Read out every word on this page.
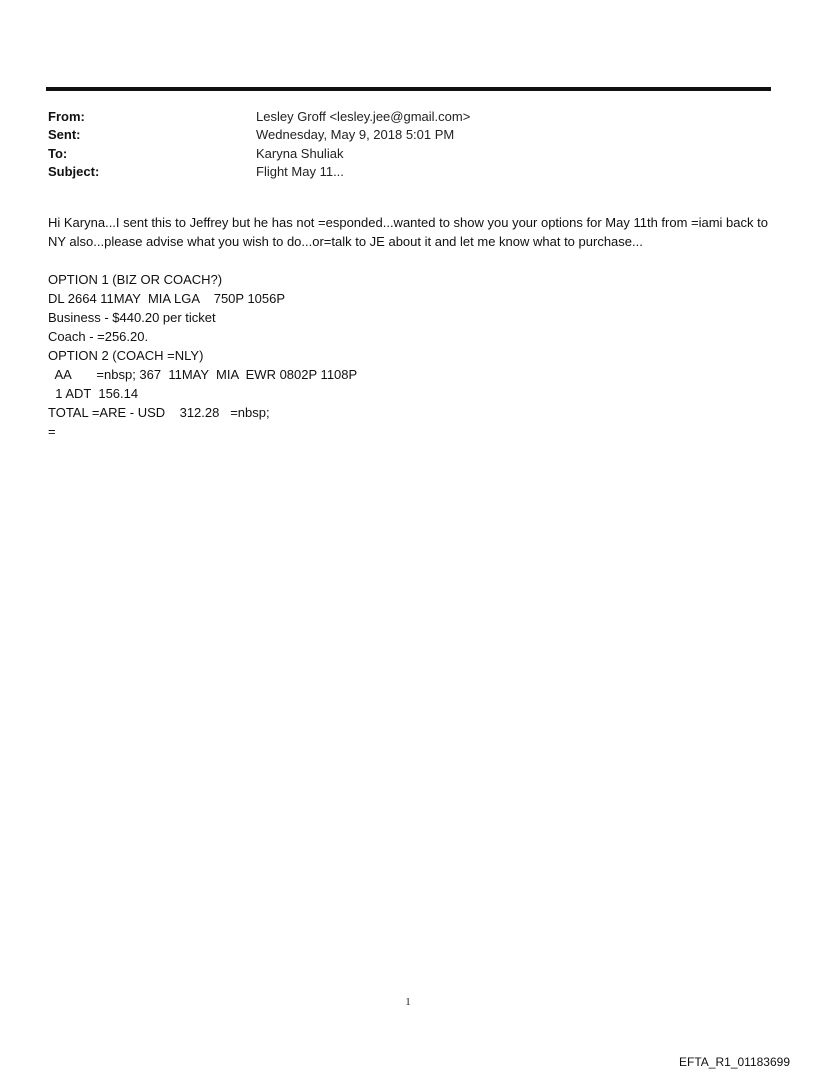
From:	Lesley Groff <lesley.jee@gmail.com>
Sent:	Wednesday, May 9, 2018 5:01 PM
To:	Karyna Shuliak
Subject:	Flight May 11...
Hi Karyna...I sent this to Jeffrey but he has not =esponded...wanted to show you your options for May 11th from =iami back to NY also...please advise what you wish to do...or=talk to JE about it and let me know what to purchase...
OPTION 1 (BIZ OR COACH?)
DL 2664 11MAY  MIA LGA    750P 1056P
Business - $440.20 per ticket
Coach - =256.20.
OPTION 2 (COACH =NLY)
AA       =nbsp; 367  11MAY  MIA  EWR 0802P 1108P
1 ADT  156.14
TOTAL =ARE - USD    312.28   =nbsp;
=
1
EFTA_R1_01183699
